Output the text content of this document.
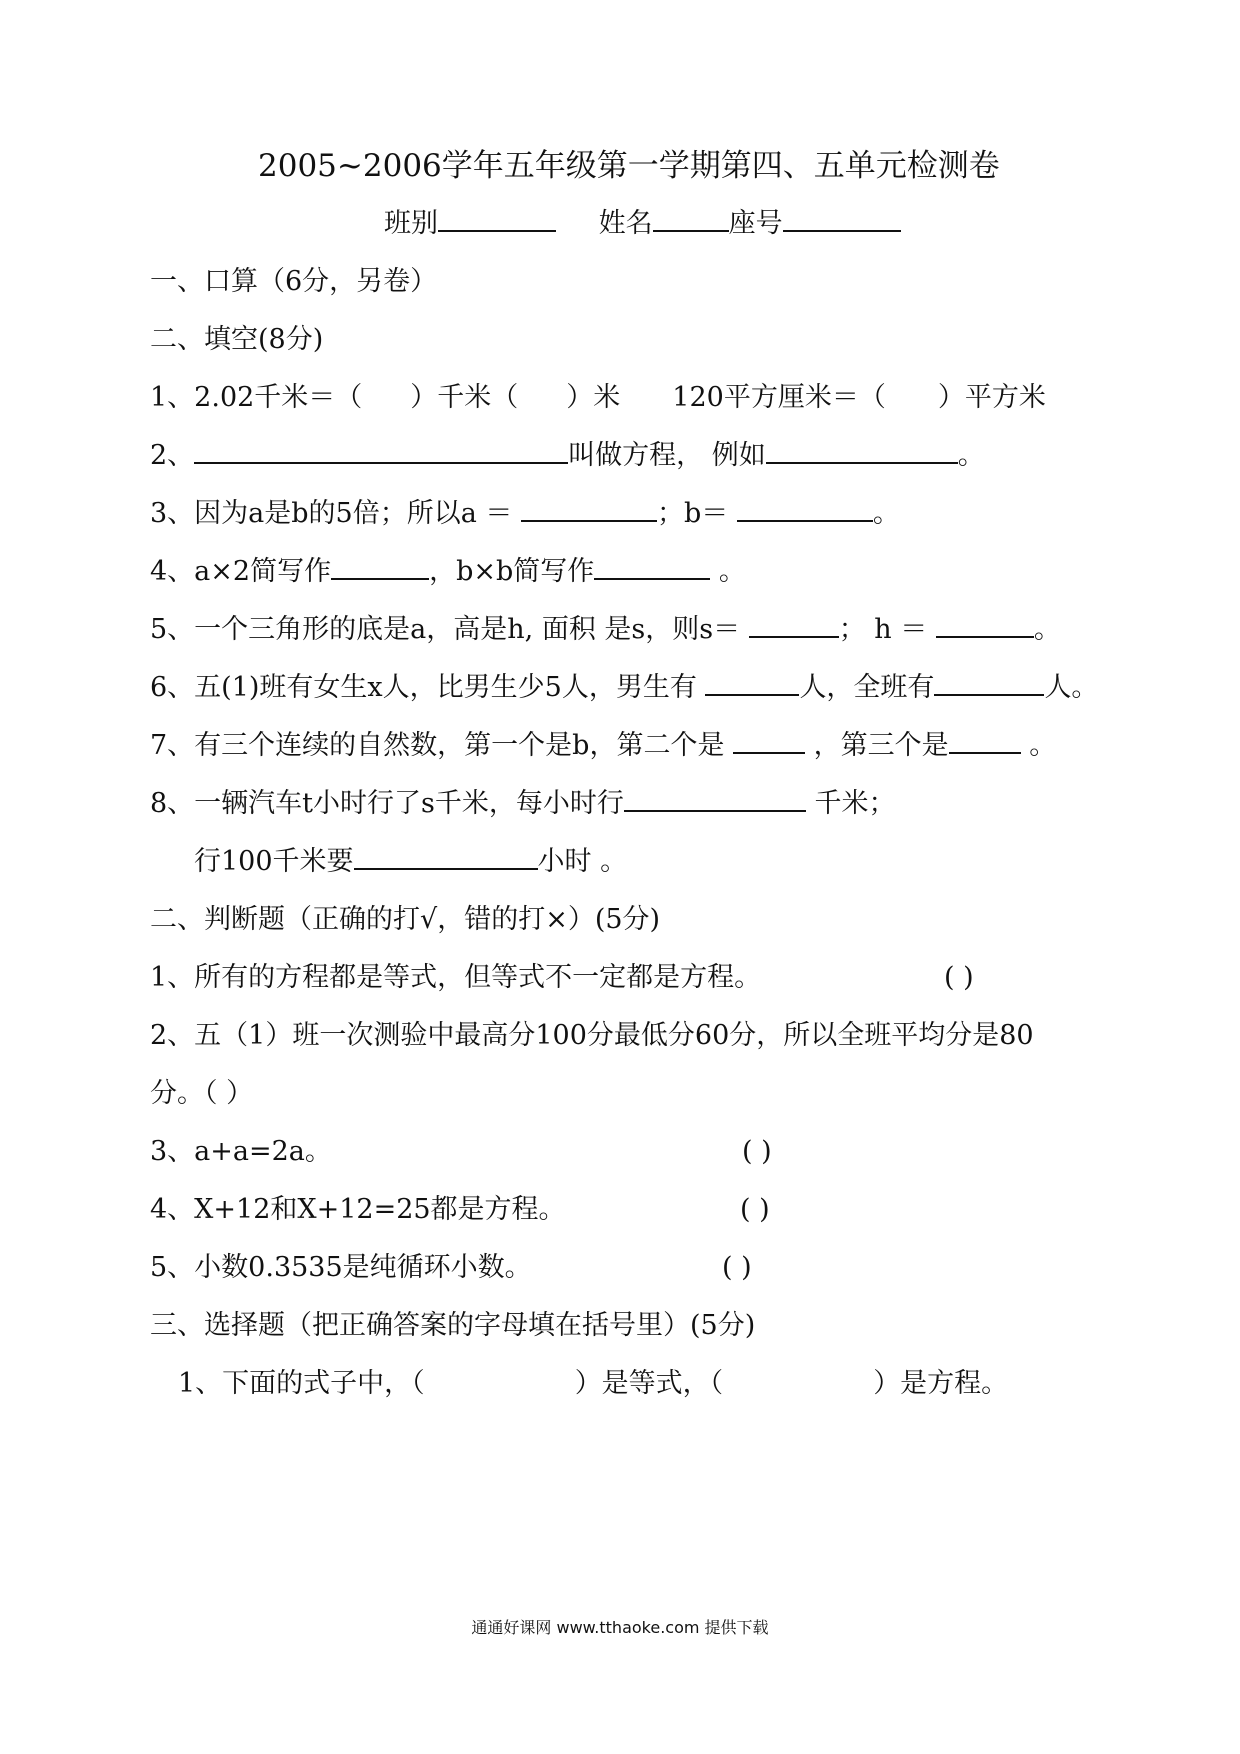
2005~2006学年五年级第一学期第四、五单元检测卷
班别	姓名	座号
一、口算（6分，另卷）
二、填空(8分)
1、2.02千米＝（ ）千米（ ）米 120平方厘米＝（ ）平方米
2、	叫做方程， 例如	。
3、因为a是b的5倍；所以a ＝	；b＝	。
4、a×2简写作	，b×b简写作	。
5、一个三角形的底是a，高是h, 面积 是s，则s＝	； h ＝	。
6、五(1)班有女生x人，比男生少5人，男生有	人，全班有	人。
7、有三个连续的自然数，第一个是b，第二个是	，第三个是	。
8、一辆汽车t小时行了s千米，每小时行	千米；
行100千米要	小时 。
二、判断题（正确的打√，错的打×）(5分)
1、所有的方程都是等式，但等式不一定都是方程。	( )
2、五（1）班一次测验中最高分100分最低分60分，所以全班平均分是80
分。（ ）
3、a+a=2a。	( )
4、X+12和X+12=25都是方程。	( )
5、小数0.3535是纯循环小数。	( )
三、选择题（把正确答案的字母填在括号里）(5分)
1、下面的式子中，（	）是等式，（	）是方程。
通通好课网 www.tthaoke.com 提供下载
